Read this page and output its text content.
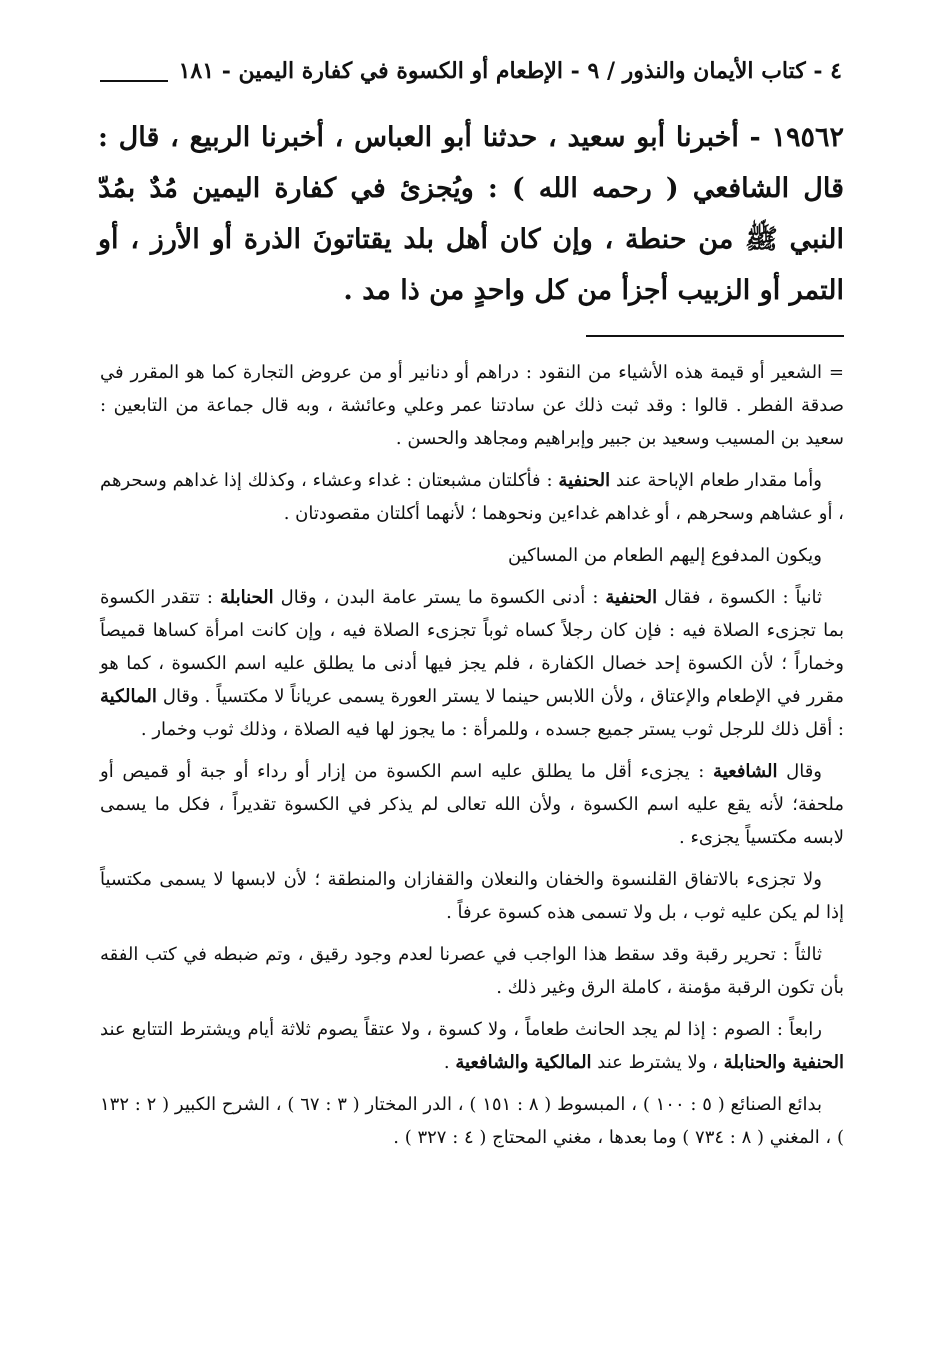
٤ - كتاب الأيمان والنذور / ٩ - الإطعام أو الكسوة في كفارة اليمين - ١٨١
١٩٥٦٢ - أخبرنا أبو سعيد ، حدثنا أبو العباس ، أخبرنا الربيع ، قال : قال الشافعي ( رحمه الله ) : ويُجزئ في كفارة اليمين مُدٌ بمُدّ النبي ﷺ من حنطة ، وإن كان أهل بلد يقتاتونَ الذرة أو الأرز ، أو التمر أو الزبيب أجزأ من كل واحدٍ من ذا مد .

= الشعير أو قيمة هذه الأشياء من النقود : دراهم أو دنانير أو من عروض التجارة كما هو المقرر في صدقة الفطر . قالوا : وقد ثبت ذلك عن سادتنا عمر وعلي وعائشة ، وبه قال جماعة من التابعين : سعيد بن المسيب وسعيد بن جبير وإبراهيم ومجاهد والحسن .

وأما مقدار طعام الإباحة عند الحنفية : فأكلتان مشبعتان : غداء وعشاء ، وكذلك إذا غداهم وسحرهم ، أو عشاهم وسحرهم ، أو غداهم غداءين ونحوهما ؛ لأنهما أكلتان مقصودتان .

ويكون المدفوع إليهم الطعام من المساكين

ثانياً : الكسوة ، فقال الحنفية : أدنى الكسوة ما يستر عامة البدن ، وقال الحنابلة : تتقدر الكسوة بما تجزىء الصلاة فيه : فإن كان رجلاً كساه ثوباً تجزىء الصلاة فيه ، وإن كانت امرأة كساها قميصاً وخماراً ؛ لأن الكسوة إحد خصال الكفارة ، فلم يجز فيها أدنى ما يطلق عليه اسم الكسوة ، كما هو مقرر في الإطعام والإعتاق ، ولأن اللابس حينما لا يستر العورة يسمى عرياناً لا مكتسياً . وقال المالكية : أقل ذلك للرجل ثوب يستر جميع جسده ، وللمرأة : ما يجوز لها فيه الصلاة ، وذلك ثوب وخمار .

وقال الشافعية : يجزىء أقل ما يطلق عليه اسم الكسوة من إزار أو رداء أو جبة أو قميص أو ملحفة؛ لأنه يقع عليه اسم الكسوة ، ولأن الله تعالى لم يذكر في الكسوة تقديراً ، فكل ما يسمى لابسه مكتسياً يجزىء .

ولا تجزىء بالاتفاق القلنسوة والخفان والنعلان والقفازان والمنطقة ؛ لأن لابسها لا يسمى مكتسياً إذا لم يكن عليه ثوب ، بل ولا تسمى هذه كسوة عرفاً .

ثالثاً : تحرير رقبة وقد سقط هذا الواجب في عصرنا لعدم وجود رقيق ، وتم ضبطه في كتب الفقه بأن تكون الرقبة مؤمنة ، كاملة الرق وغير ذلك .

رابعاً : الصوم : إذا لم يجد الحانث طعاماً ، ولا كسوة ، ولا عتقاً يصوم ثلاثة أيام ويشترط التتابع عند الحنفية والحنابلة ، ولا يشترط عند المالكية والشافعية .

بدائع الصنائع ( ٥ : ١٠٠ ) ، المبسوط ( ٨ : ١٥١ ) ، الدر المختار ( ٣ : ٦٧ ) ، الشرح الكبير ( ٢ : ١٣٢ ) ، المغني ( ٨ : ٧٣٤ ) وما بعدها ، مغني المحتاج ( ٤ : ٣٢٧ ) .
